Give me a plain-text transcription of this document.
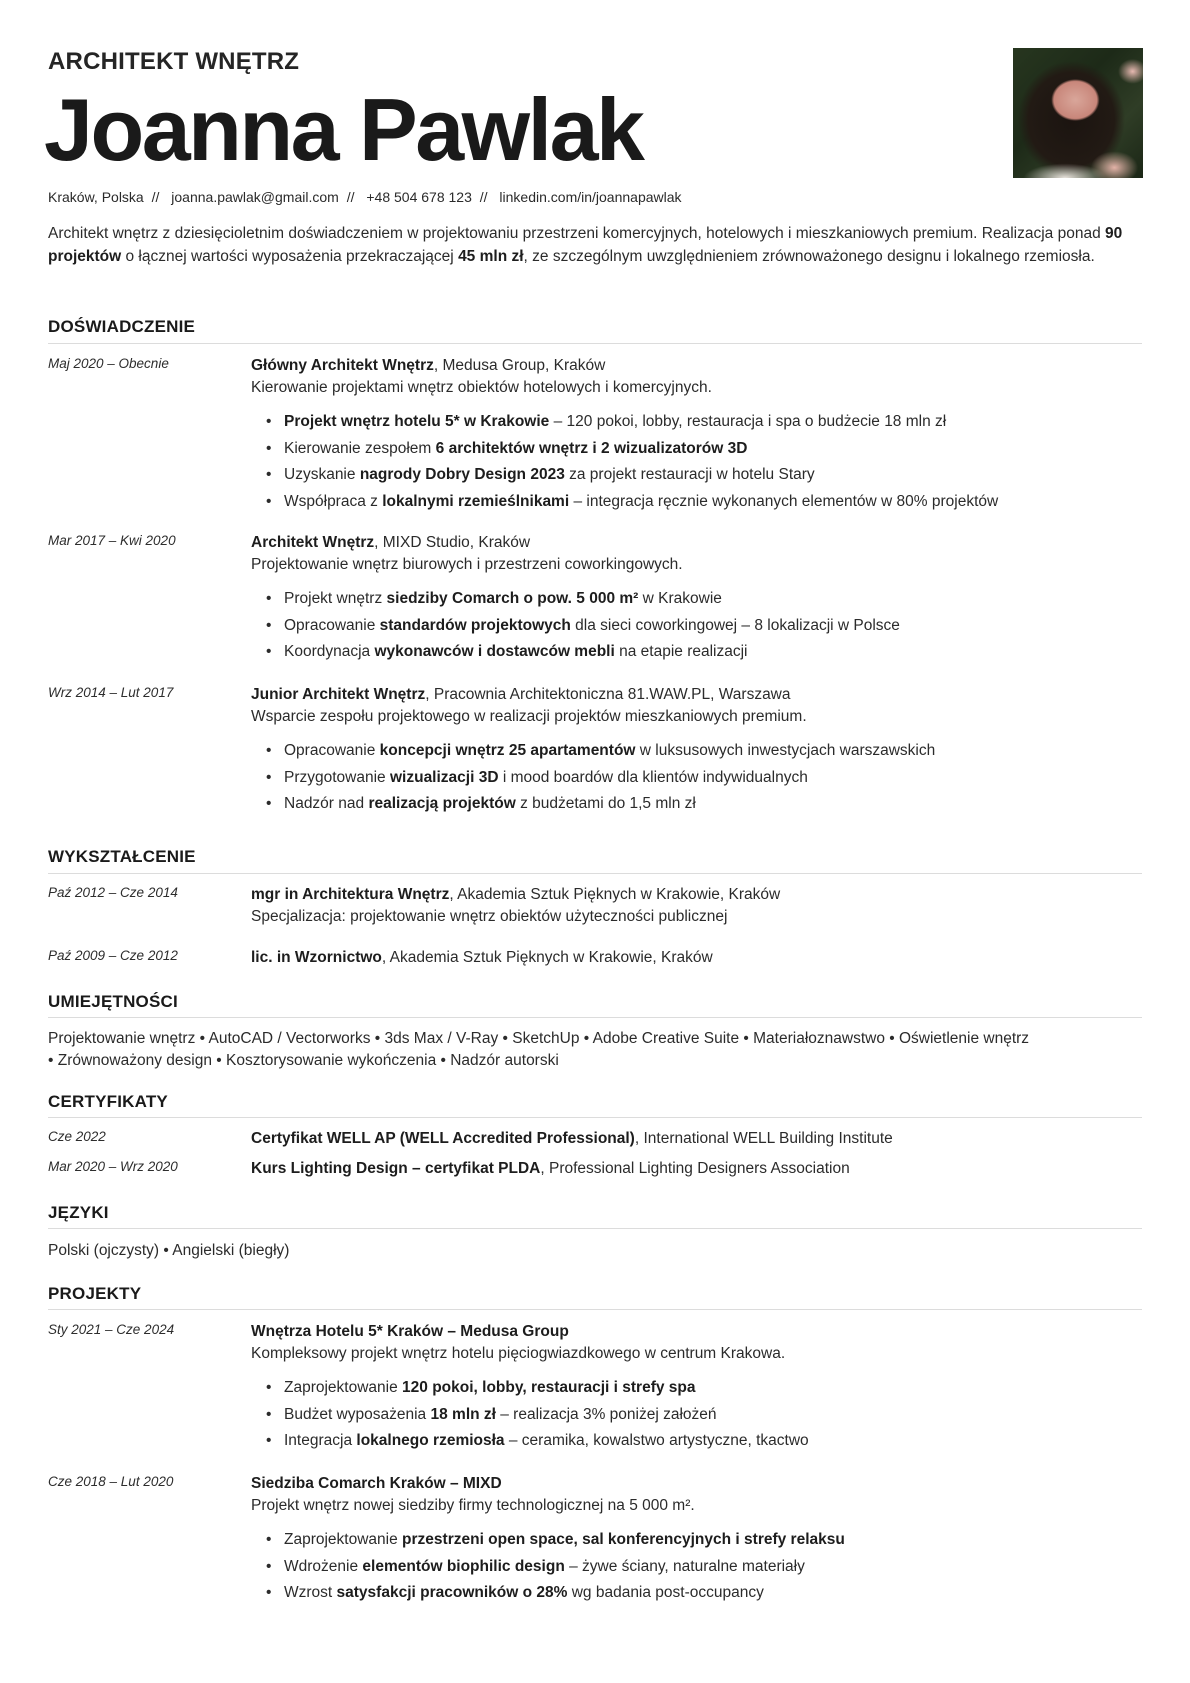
ARCHITEKT WNĘTRZ
Joanna Pawlak
Kraków, Polska // joanna.pawlak@gmail.com // +48 504 678 123 // linkedin.com/in/joannapawlak
Architekt wnętrz z dziesięcioletnim doświadczeniem w projektowaniu przestrzeni komercyjnych, hotelowych i mieszkaniowych premium. Realizacja ponad 90 projektów o łącznej wartości wyposażenia przekraczającej 45 mln zł, ze szczególnym uwzględnieniem zrównoważonego designu i lokalnego rzemiosła.
DOŚWIADCZENIE
Maj 2020 – Obecnie	Główny Architekt Wnętrz, Medusa Group, Kraków
Kierowanie projektami wnętrz obiektów hotelowych i komercyjnych.
• Projekt wnętrz hotelu 5* w Krakowie – 120 pokoi, lobby, restauracja i spa o budżecie 18 mln zł
• Kierowanie zespołem 6 architektów wnętrz i 2 wizualizatorów 3D
• Uzyskanie nagrody Dobry Design 2023 za projekt restauracji w hotelu Stary
• Współpraca z lokalnymi rzemieślnikami – integracja ręcznie wykonanych elementów w 80% projektów
Mar 2017 – Kwi 2020	Architekt Wnętrz, MIXD Studio, Kraków
Projektowanie wnętrz biurowych i przestrzeni coworkingowych.
• Projekt wnętrz siedziby Comarch o pow. 5 000 m² w Krakowie
• Opracowanie standardów projektowych dla sieci coworkingowej – 8 lokalizacji w Polsce
• Koordynacja wykonawców i dostawców mebli na etapie realizacji
Wrz 2014 – Lut 2017	Junior Architekt Wnętrz, Pracownia Architektoniczna 81.WAW.PL, Warszawa
Wsparcie zespołu projektowego w realizacji projektów mieszkaniowych premium.
• Opracowanie koncepcji wnętrz 25 apartamentów w luksusowych inwestycjach warszawskich
• Przygotowanie wizualizacji 3D i mood boardów dla klientów indywidualnych
• Nadzór nad realizacją projektów z budżetami do 1,5 mln zł
WYKSZTAŁCENIE
Paź 2012 – Cze 2014	mgr in Architektura Wnętrz, Akademia Sztuk Pięknych w Krakowie, Kraków
Specjalizacja: projektowanie wnętrz obiektów użyteczności publicznej
Paź 2009 – Cze 2012	lic. in Wzornictwo, Akademia Sztuk Pięknych w Krakowie, Kraków
UMIEJĘTNOŚCI
Projektowanie wnętrz • AutoCAD / Vectorworks • 3ds Max / V-Ray • SketchUp • Adobe Creative Suite • Materiałoznawstwo • Oświetlenie wnętrz
• Zrównoważony design • Kosztorysowanie wykończenia • Nadzór autorski
CERTYFIKATY
Cze 2022	Certyfikat WELL AP (WELL Accredited Professional), International WELL Building Institute
Mar 2020 – Wrz 2020	Kurs Lighting Design – certyfikat PLDA, Professional Lighting Designers Association
JĘZYKI
Polski (ojczysty) • Angielski (biegły)
PROJEKTY
Sty 2021 – Cze 2024	Wnętrza Hotelu 5* Kraków – Medusa Group
Kompleksowy projekt wnętrz hotelu pięciogwiazdkowego w centrum Krakowa.
• Zaprojektowanie 120 pokoi, lobby, restauracji i strefy spa
• Budżet wyposażenia 18 mln zł – realizacja 3% poniżej założeń
• Integracja lokalnego rzemiosła – ceramika, kowalstwo artystyczne, tkactwo
Cze 2018 – Lut 2020	Siedziba Comarch Kraków – MIXD
Projekt wnętrz nowej siedziby firmy technologicznej na 5 000 m².
• Zaprojektowanie przestrzeni open space, sal konferencyjnych i strefy relaksu
• Wdrożenie elementów biophilic design – żywe ściany, naturalne materiały
• Wzrost satysfakcji pracowników o 28% wg badania post-occupancy
